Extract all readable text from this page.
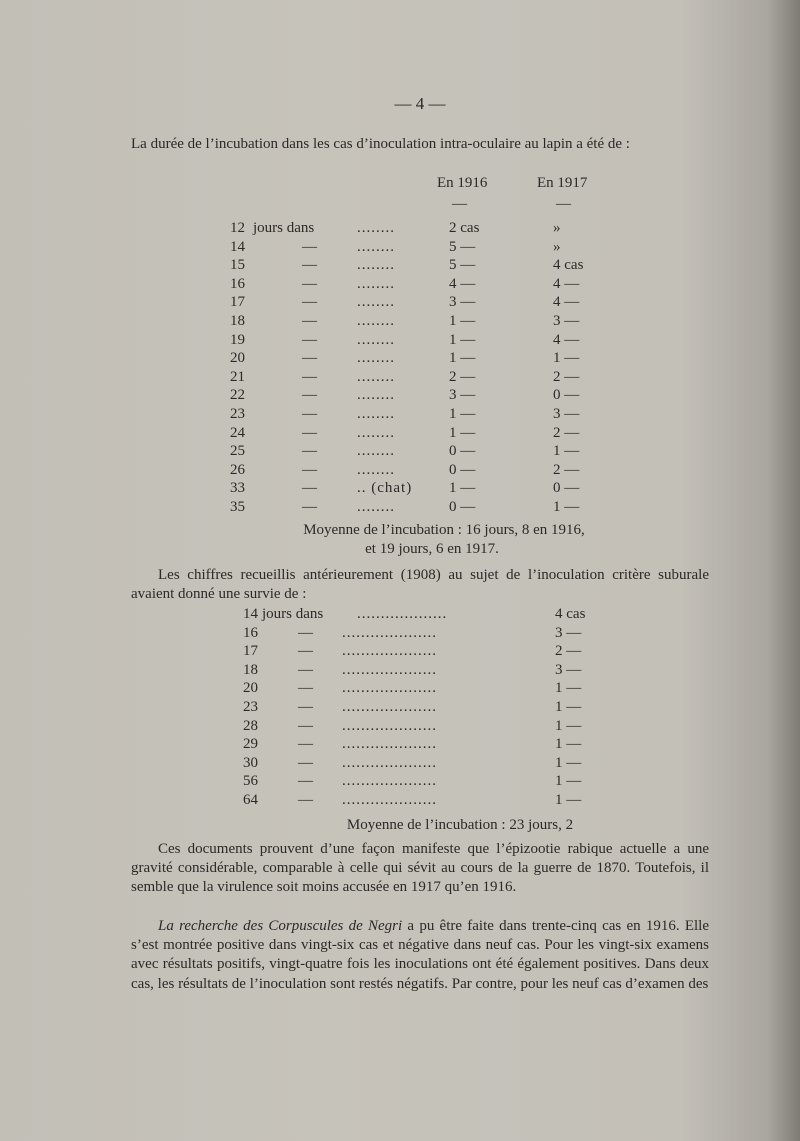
— 4 —

La durée de l’incubation dans les cas d’inoculation intra-oculaire au lapin a été de :

En 1916	En 1917
—	—
12 jours dans	........	2 cas	»
14	—	........	5 —	»
15	—	........	5 —	4 cas
16	—	........	4 —	4 —
17	—	........	3 —	4 —
18	—	........	1 —	3 —
19	—	........	1 —	4 —
20	—	........	1 —	1 —
21	—	........	2 —	2 —
22	—	........	3 —	0 —
23	—	........	1 —	3 —
24	—	........	1 —	2 —
25	—	........	0 —	1 —
26	—	........	0 —	2 —
33	—	.. (chat) 1 —	0 —
35	—	........	0 —	1 —
Moyenne de l’incubation : 16 jours, 8 en 1916,
et 19 jours, 6 en 1917.

Les chiffres recueillis antérieurement (1908) au sujet de l’inoculation critère suburale avaient donné une survie de :

14 jours dans ...................	4 cas
16	— ....................	3 —
17	— ....................	2 —
18	— ....................	3 —
20	— ....................	1 —
23	— ....................	1 —
28	— ....................	1 —
29	— ....................	1 —
30	— ....................	1 —
56	— ....................	1 —
64	— ....................	1 —
Moyenne de l’incubation : 23 jours, 2

Ces documents prouvent d’une façon manifeste que l’épizootie rabique actuelle a une gravité considérable, comparable à celle qui sévit au cours de la guerre de 1870. Toutefois, il semble que la virulence soit moins accusée en 1917 qu’en 1916.

La recherche des Corpuscules de Negri a pu être faite dans trente-cinq cas en 1916. Elle s’est montrée positive dans vingt-six cas et négative dans neuf cas. Pour les vingt-six examens avec résultats positifs, vingt-quatre fois les inoculations ont été également positives. Dans deux cas, les résultats de l’inoculation sont restés négatifs. Par contre, pour les neuf cas d’examen des
